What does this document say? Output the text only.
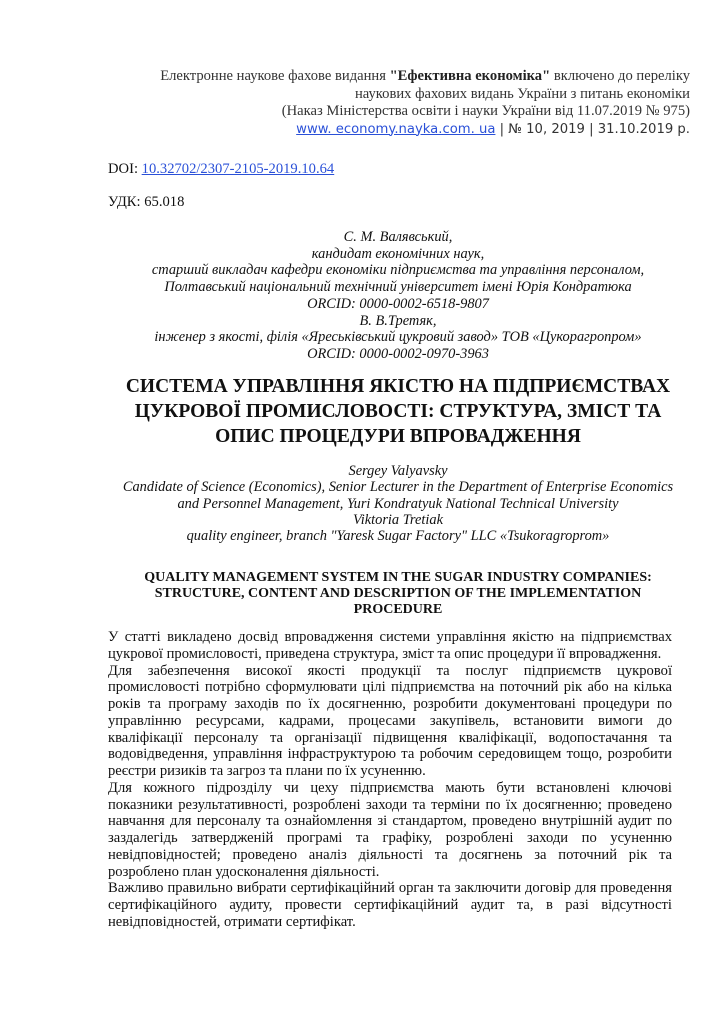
Електронне наукове фахове видання "Ефективна економіка" включено до переліку
наукових фахових видань України з питань економіки
(Наказ Міністерства освіти і науки України від 11.07.2019 № 975)
www. economy.nayka.com. ua | № 10, 2019 | 31.10.2019 р.
DOI: 10.32702/2307-2105-2019.10.64
УДК: 65.018
С. М. Валявський,
кандидат економічних наук,
старший викладач кафедри економіки підприємства та управління персоналом,
Полтавський національний технічний університет імені Юрія Кондратюка
ORCID: 0000-0002-6518-9807
В. В.Третяк,
інженер з якості, філія «Яреськівський цукровий завод» ТОВ «Цукорагропром»
ORCID: 0000-0002-0970-3963
СИСТЕМА УПРАВЛІННЯ ЯКІСТЮ НА ПІДПРИЄМСТВАХ
ЦУКРОВОЇ ПРОМИСЛОВОСТІ: СТРУКТУРА, ЗМІСТ ТА
ОПИС ПРОЦЕДУРИ ВПРОВАДЖЕННЯ
Sergey Valyavsky
Candidate of Science (Economics), Senior Lecturer in the Department of Enterprise Economics
and Personnel Management, Yuri Kondratyuk National Technical University
Viktoria Tretiak
quality engineer, branch "Yaresk Sugar Factory" LLC «Tsukoragroprom»
QUALITY MANAGEMENT SYSTEM IN THE SUGAR INDUSTRY COMPANIES:
STRUCTURE, CONTENT AND DESCRIPTION OF THE IMPLEMENTATION
PROCEDURE
У статті викладено досвід впровадження системи управління якістю на підприємствах
цукрової промисловості, приведена структура, зміст та опис процедури її впровадження.
Для забезпечення високої якості продукції та послуг підприємств цукрової
промисловості потрібно сформулювати цілі підприємства на поточний рік або на кілька
років та програму заходів по їх досягненню, розробити документовані процедури по
управлінню ресурсами, кадрами, процесами закупівель, встановити вимоги до
кваліфікації персоналу та організації підвищення кваліфікації, водопостачання та
водовідведення, управління інфраструктурою та робочим середовищем тощо, розробити
реєстри ризиків та загроз та плани по їх усуненню.
Для кожного підрозділу чи цеху підприємства мають бути встановлені ключові
показники результативності, розроблені заходи та терміни по їх досягненню; проведено
навчання для персоналу та ознайомлення зі стандартом, проведено внутрішній аудит по
заздалегідь затвердженій програмі та графіку, розроблені заходи по усуненню
невідповідностей; проведено аналіз діяльності та досягнень за поточний рік та
розроблено план удосконалення діяльності.
Важливо правильно вибрати сертифікаційний орган та заключити договір для проведення
сертифікаційного аудиту, провести сертифікаційний аудит та, в разі відсутності
невідповідностей, отримати сертифікат.
